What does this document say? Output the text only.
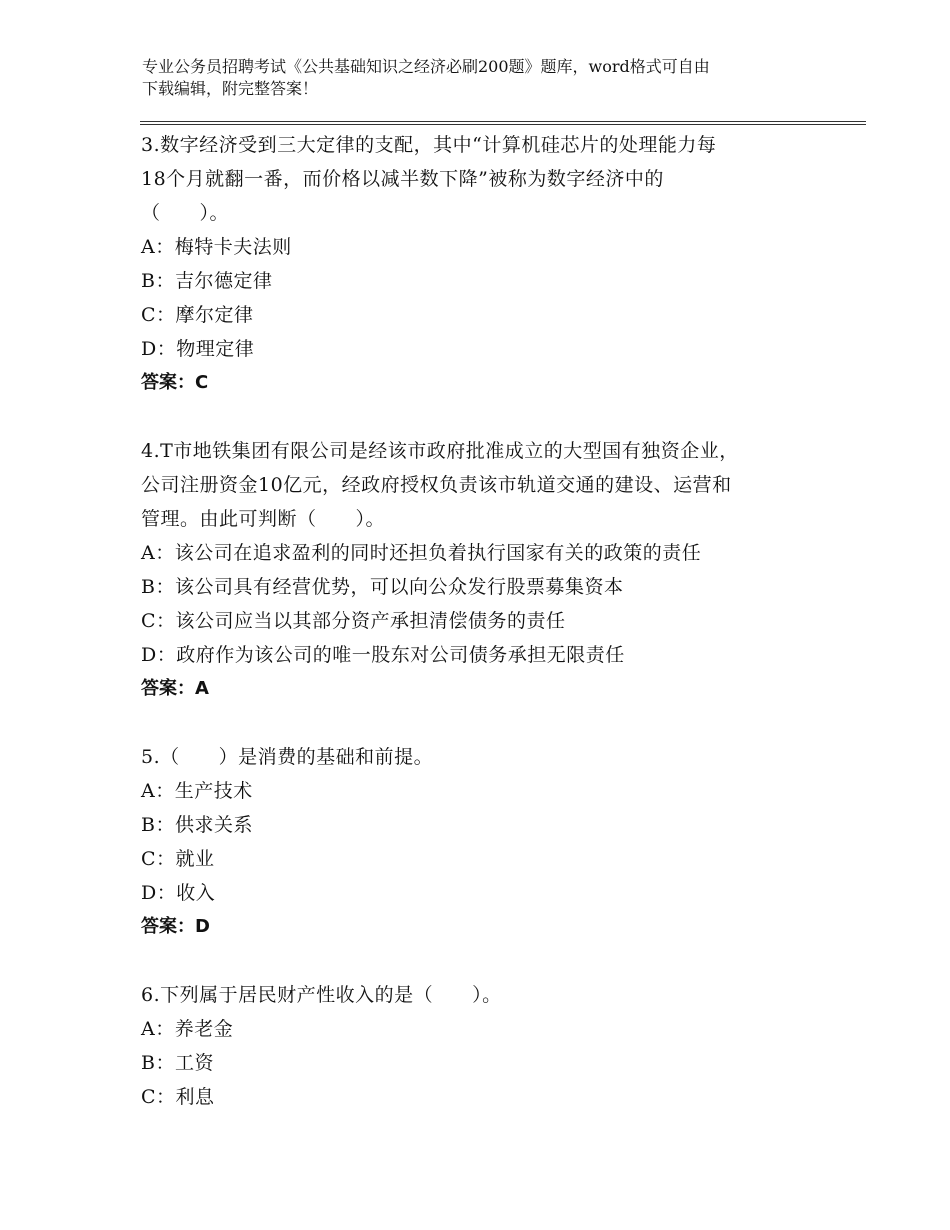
专业公务员招聘考试《公共基础知识之经济必刷200题》题库，word格式可自由
下载编辑，附完整答案！
3.数字经济受到三大定律的支配，其中“计算机硅芯片的处理能力每
18个月就翻一番，而价格以减半数下降”被称为数字经济中的
（　　）。
A：梅特卡夫法则
B：吉尔德定律
C：摩尔定律
D：物理定律
答案：C
4.T市地铁集团有限公司是经该市政府批准成立的大型国有独资企业，
公司注册资金10亿元，经政府授权负责该市轨道交通的建设、运营和
管理。由此可判断（　　）。
A：该公司在追求盈利的同时还担负着执行国家有关的政策的责任
B：该公司具有经营优势，可以向公众发行股票募集资本
C：该公司应当以其部分资产承担清偿债务的责任
D：政府作为该公司的唯一股东对公司债务承担无限责任
答案：A
5.（　　）是消费的基础和前提。
A：生产技术
B：供求关系
C：就业
D：收入
答案：D
6.下列属于居民财产性收入的是（　　）。
A：养老金
B：工资
C：利息
